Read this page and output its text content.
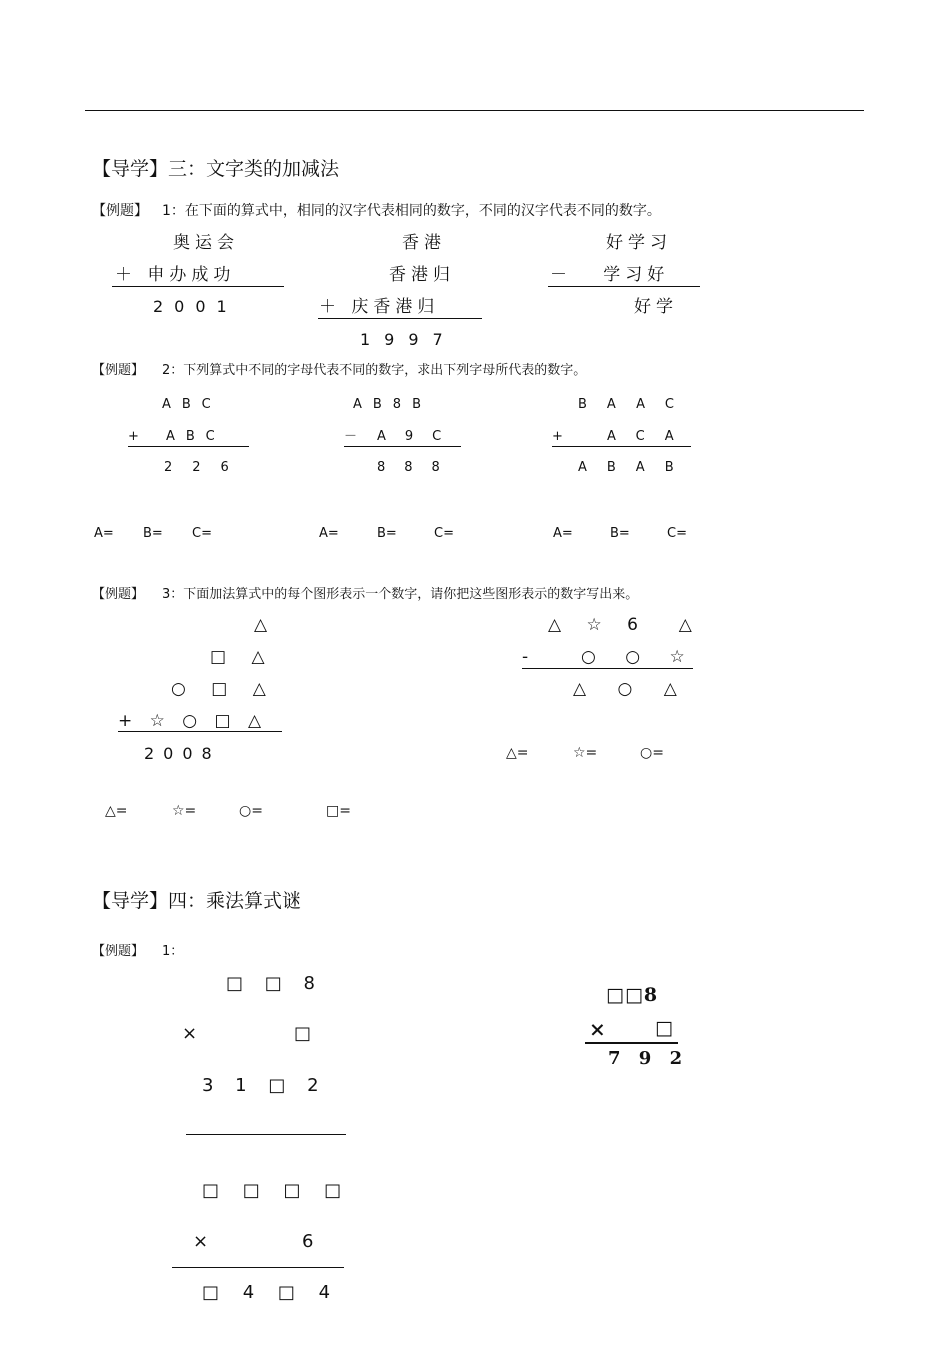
【导学】三：文字类的加减法
【例题】 1：在下面的算式中，相同的汉字代表相同的数字，不同的汉字代表不同的数字。
奥运会
＋ 申办成功
2001
香港
香港归
＋ 庆香港归
1997
好学习
－   学习好
好学
【例题】 2：下列算式中不同的字母代表不同的数字，求出下列字母所代表的数字。
ABC
+ ABC
226
AB8B
－ A9C
888
BAAC
+	ACA
ABAB
A= B= C=	A=	B=	C=	A=	B=	C=
【例题】 3：下面加法算式中的每个图形表示一个数字，请你把这些图形表示的数字写出来。
△
□ △
○ □ △
+ ☆ ○ □ △
2008
△ ☆ 6  △
-	○ ○ ☆
△ ○ △
△=	☆=	○=
△=	☆=	○=	□=
【导学】四：乘法算式谜
【例题】 1：
□ □ 8
×	□
3 1 □ 2
□ □ □ □
×	6
□ 4 □ 4
□□8
×	□
7 9 2
